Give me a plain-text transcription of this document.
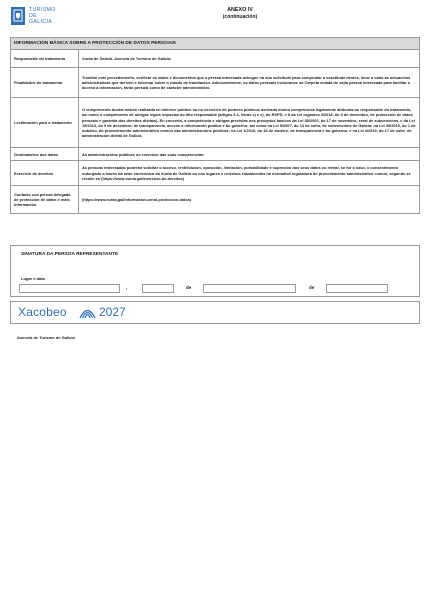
TURISMO
DE
GALICIA
ANEXO IV
(continuación)
INFORMACIÓN BÁSICA SOBRE A PROTECCIÓN DE DATOS PERSOAIS	
Responsable do tratamento	Xunta de Galicia. Axencia de Turismo de Galicia.
Finalidades do tratamento	Tramitar este procedemento, verificar os datos e documentos que a persoa interesada achegue na súa solicitude para comprobar a exactitude destes, levar a cabo as actuacións administrativas que deriven e informar sobre o estado de tramitación. Adicionalmente, os datos persoais incluiranse na Carpeta cidadá de cada persoa interesada para facilitar o acceso á información, tanto persoal como de carácter administrativo.
Lexitimación para o tratamento	O cumprimento dunha misión realizada en interese público ou no exercicio de poderes públicos derivada dunha competencia legalmente atribuída ao responsable do tratamento, así como o cumprimento de obrigas legais impostas ao dito responsable (artigos 6.1, letras c) e e), do RXPD, e 8 da Lei orgánica 3/2018, do 5 de decembro, de protección de datos persoais e garantía dos dereitos dixitais). En concreto, a competencia e obrigas previstas nos preceptos básicos da Lei 38/2003, do 17 de novembro, xeral de subvencións, e da Lei 19/2013, do 9 de decembro, de transparencia, acceso á información pública e bo goberno; así como na Lei 9/2007, do 13 de xuño, de subvencións de Galicia; na Lei 39/2015, do 1 de outubro, do procedemento administrativo común das administracións públicas; na Lei 1/2016, do 18 de xaneiro, de transparencia e bo goberno, e na Lei 4/2019, do 17 de xullo, de administración dixital de Galicia.
Destinatarios dos datos	As administracións públicas no exercicio das súas competencias.
Exercicio de dereitos	As persoas interesadas poderán solicitar o acceso, rectificación, oposición, limitación, portabilidade e supresión dos seus datos ou retirar, se for o caso, o consentimento outorgado a través da sede electrónica da Xunta de Galicia ou nos lugares e rexistros establecidos na normativa reguladora do procedemento administrativo común, segundo se recolle en (https://www.xunta.gal/exercicio-de-dereitos)
Contacto coa persoa delegada de protección de datos e máis información	(https://www.xunta.gal/informacion-xeral-proteccion-datos)
SINATURA DA PERSOA REPRESENTANTE
Lugar e data
,	de	de
Xacobeo	2027
Axencia de Turismo de Galicia
